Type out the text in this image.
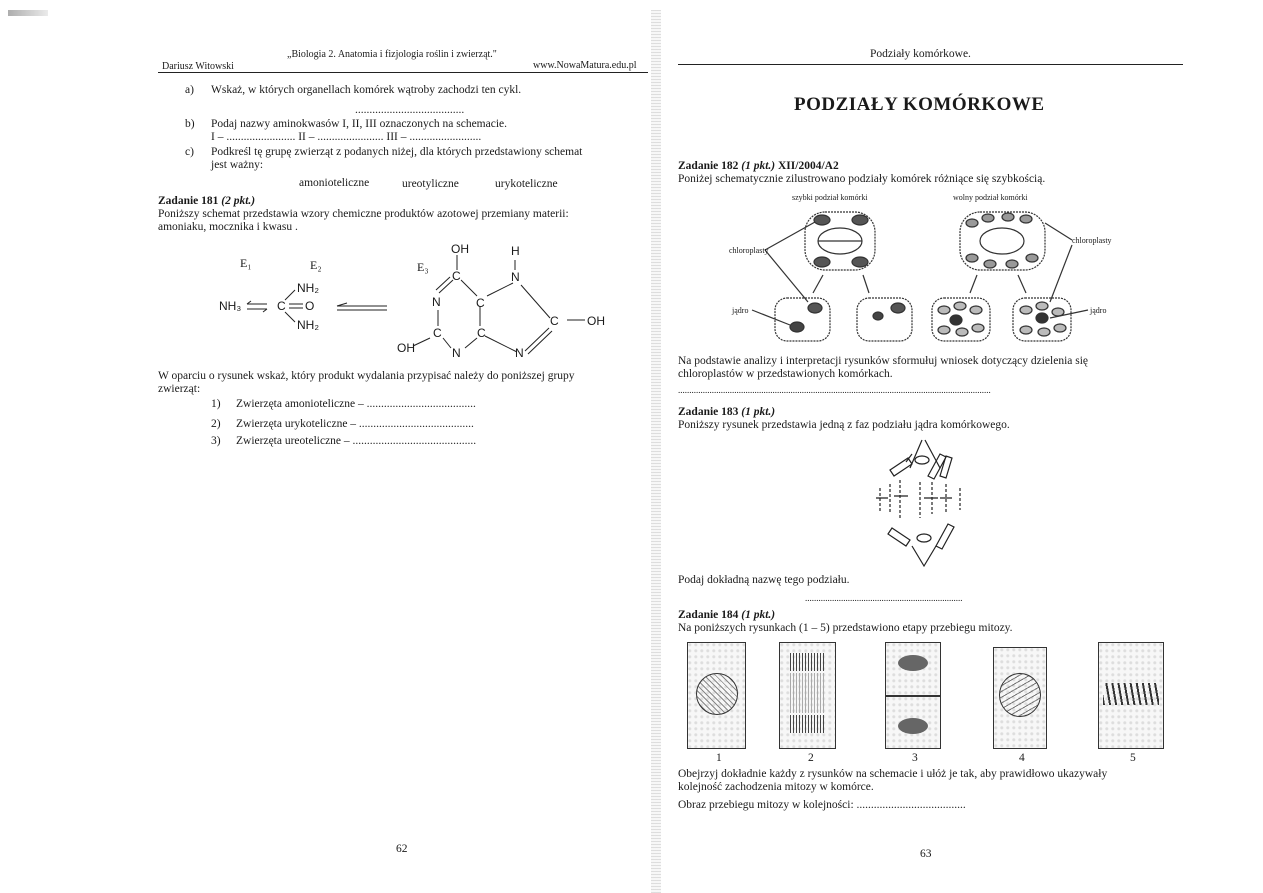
„Biologia 2. Anatomia i fizjologia roślin i zwierząt."
Dariusz Witowski	www.NowaMatura.edu.pl
a) Wskaż, w których organellach komórek wątroby zachodzi ten cykl.
......................................
b) Podaj nazwy aminokwasów I, II, III oznaczonych na schemacie.
I – ........................ II – ....................... III – .........................
c) Podkreśl tę grupę zwierząt z podanych niżej, dla których przedstawiony schemat
jest ważny:
amonioteliczne	ureotyliczne	urykoteliczne
Zadanie 181 (2 pkt.)
Poniższy schemat przedstawia wzory chemiczne produktów azotowej przemiany materii:
amoniaku, mocznika i kwasu .
E₁	E₂	E₃
NH₃
NH₂
C O
NH₂
OH	H
C	N
N	C
C OH
C	C
OH	N	N
W oparciu o rysunek wskaż, który produkt wydalania przypisać należy do poniższej grupy
zwierząt:
1) Zwierzęta amonioteliczne – ......................................
2) Zwierzęta urykoteliczne – ........................................
3) Zwierzęta ureoteliczne – ...........................................
62
Podziały komórkowe.
PODZIAŁY KOMÓRKOWE
Zadanie 182 (1 pkt.) XII/2004/A2
Poniżej schematycznie zilustrowano podziały komórek różniące się szybkością.
szybki podział komórki	wolny podział komórki
chloroplasty
chloroplasty
jądro	jądro
Na podstawie analizy i interpretacji rysunków sformułuj wniosek dotyczący dzielenia się
chloroplastów w przedstawionych komórkach.
...........................................................................................................................................
Zadanie 183 (1 pkt.)
Poniższy rysunek przedstawia jedną z faz podziału jądra komórkowego.
Podaj dokładną nazwę tego podziału.
......................................................................
Zadanie 184 (1 pkt.)
Na poniższych rysunkach (1 – 5) przedstawiono etapy przebiegu mitozy.
1	2	3	4	5
Obejrzyj dokładnie każdy z rysunków na schemacie i ułóż je tak, aby prawidłowo ukazywały
kolejność zachodzenia mitozy w komórce.
Obraz przebiegu mitozy w kolejności: ......................................
63
